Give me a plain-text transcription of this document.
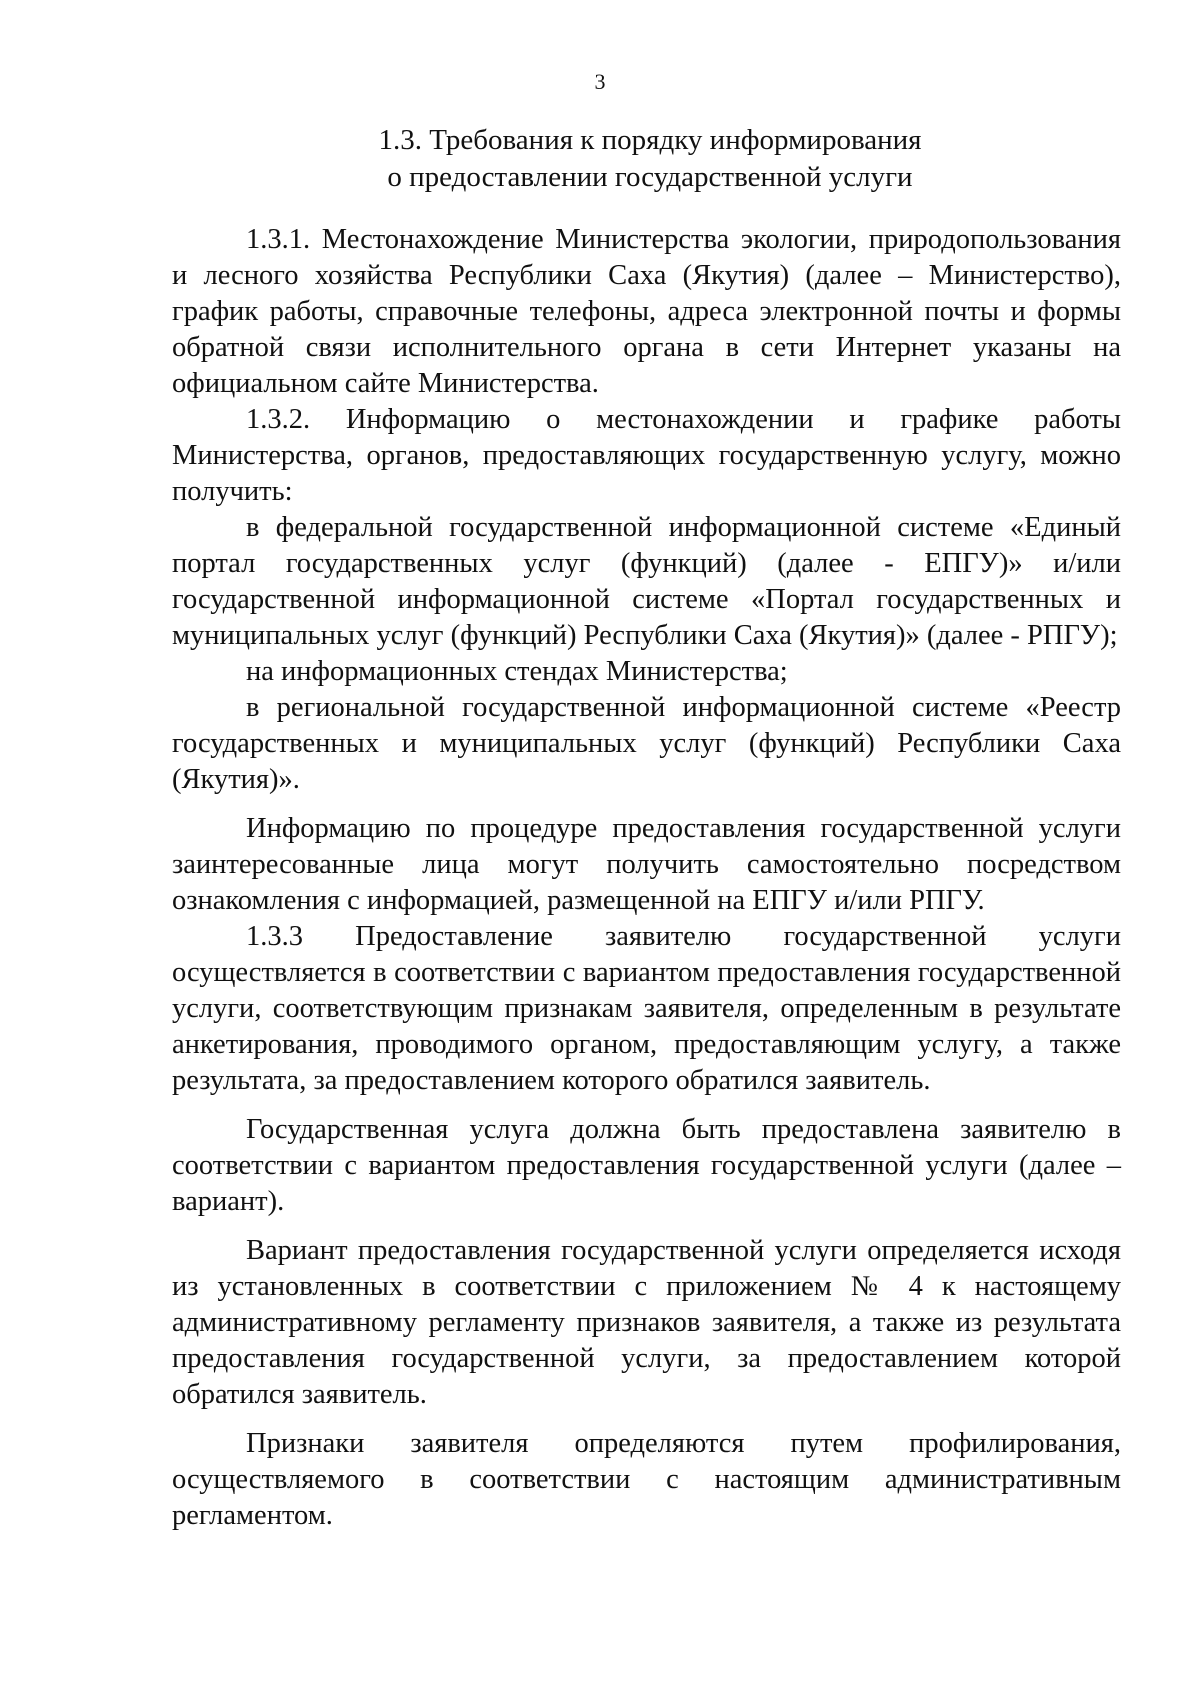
3
1.3. Требования к порядку информирования
о предоставлении государственной услуги

1.3.1. Местонахождение Министерства экологии, природопользования и лесного хозяйства Республики Саха (Якутия) (далее – Министерство), график работы, справочные телефоны, адреса электронной почты и формы обратной связи исполнительного органа в сети Интернет указаны на официальном сайте Министерства.

1.3.2. Информацию о местонахождении и графике работы Министерства, органов, предоставляющих государственную услугу, можно получить:

в федеральной государственной информационной системе «Единый портал государственных услуг (функций) (далее - ЕПГУ)» и/или государственной информационной системе «Портал государственных и муниципальных услуг (функций) Республики Саха (Якутия)» (далее - РПГУ);

на информационных стендах Министерства;

в региональной государственной информационной системе «Реестр государственных и муниципальных услуг (функций) Республики Саха (Якутия)».

Информацию по процедуре предоставления государственной услуги заинтересованные лица могут получить самостоятельно посредством ознакомления с информацией, размещенной на ЕПГУ и/или РПГУ.

1.3.3 Предоставление заявителю государственной услуги осуществляется в соответствии с вариантом предоставления государственной услуги, соответствующим признакам заявителя, определенным в результате анкетирования, проводимого органом, предоставляющим услугу, а также результата, за предоставлением которого обратился заявитель.

Государственная услуга должна быть предоставлена заявителю в соответствии с вариантом предоставления государственной услуги (далее – вариант).

Вариант предоставления государственной услуги определяется исходя из установленных в соответствии с приложением № 4 к настоящему административному регламенту признаков заявителя, а также из результата предоставления государственной услуги, за предоставлением которой обратился заявитель.

Признаки заявителя определяются путем профилирования, осуществляемого в соответствии с настоящим административным регламентом.
